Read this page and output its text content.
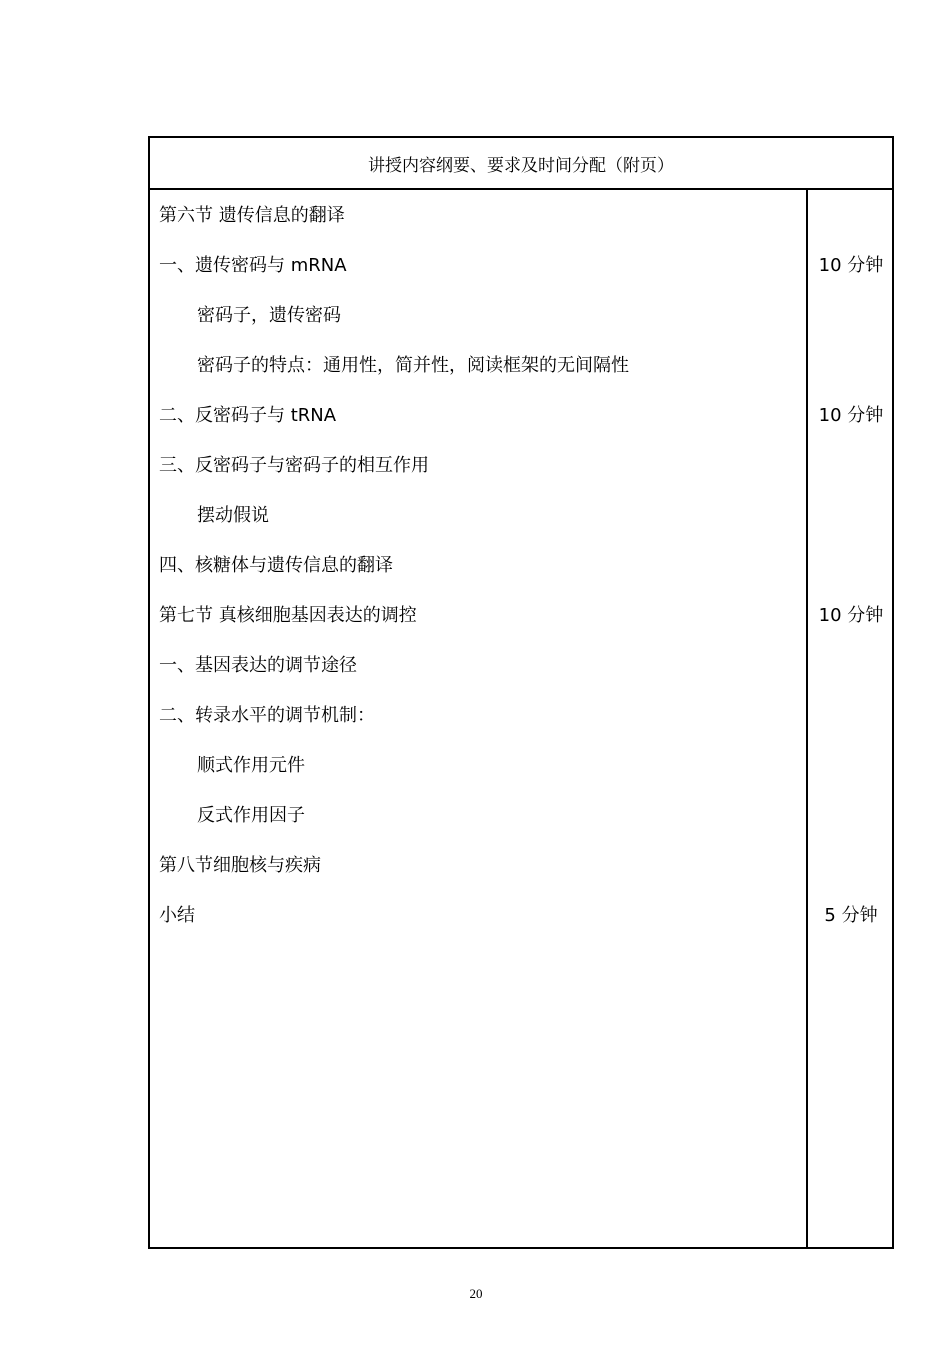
讲授内容纲要、要求及时间分配（附页）
第六节 遗传信息的翻译
一、遗传密码与 mRNA	10 分钟
密码子，遗传密码
密码子的特点：通用性，简并性，阅读框架的无间隔性
二、反密码子与 tRNA	10 分钟
三、反密码子与密码子的相互作用
摆动假说
四、核糖体与遗传信息的翻译
第七节 真核细胞基因表达的调控	10 分钟
一、基因表达的调节途径
二、转录水平的调节机制：
顺式作用元件
反式作用因子
第八节细胞核与疾病
小结	5 分钟
20
